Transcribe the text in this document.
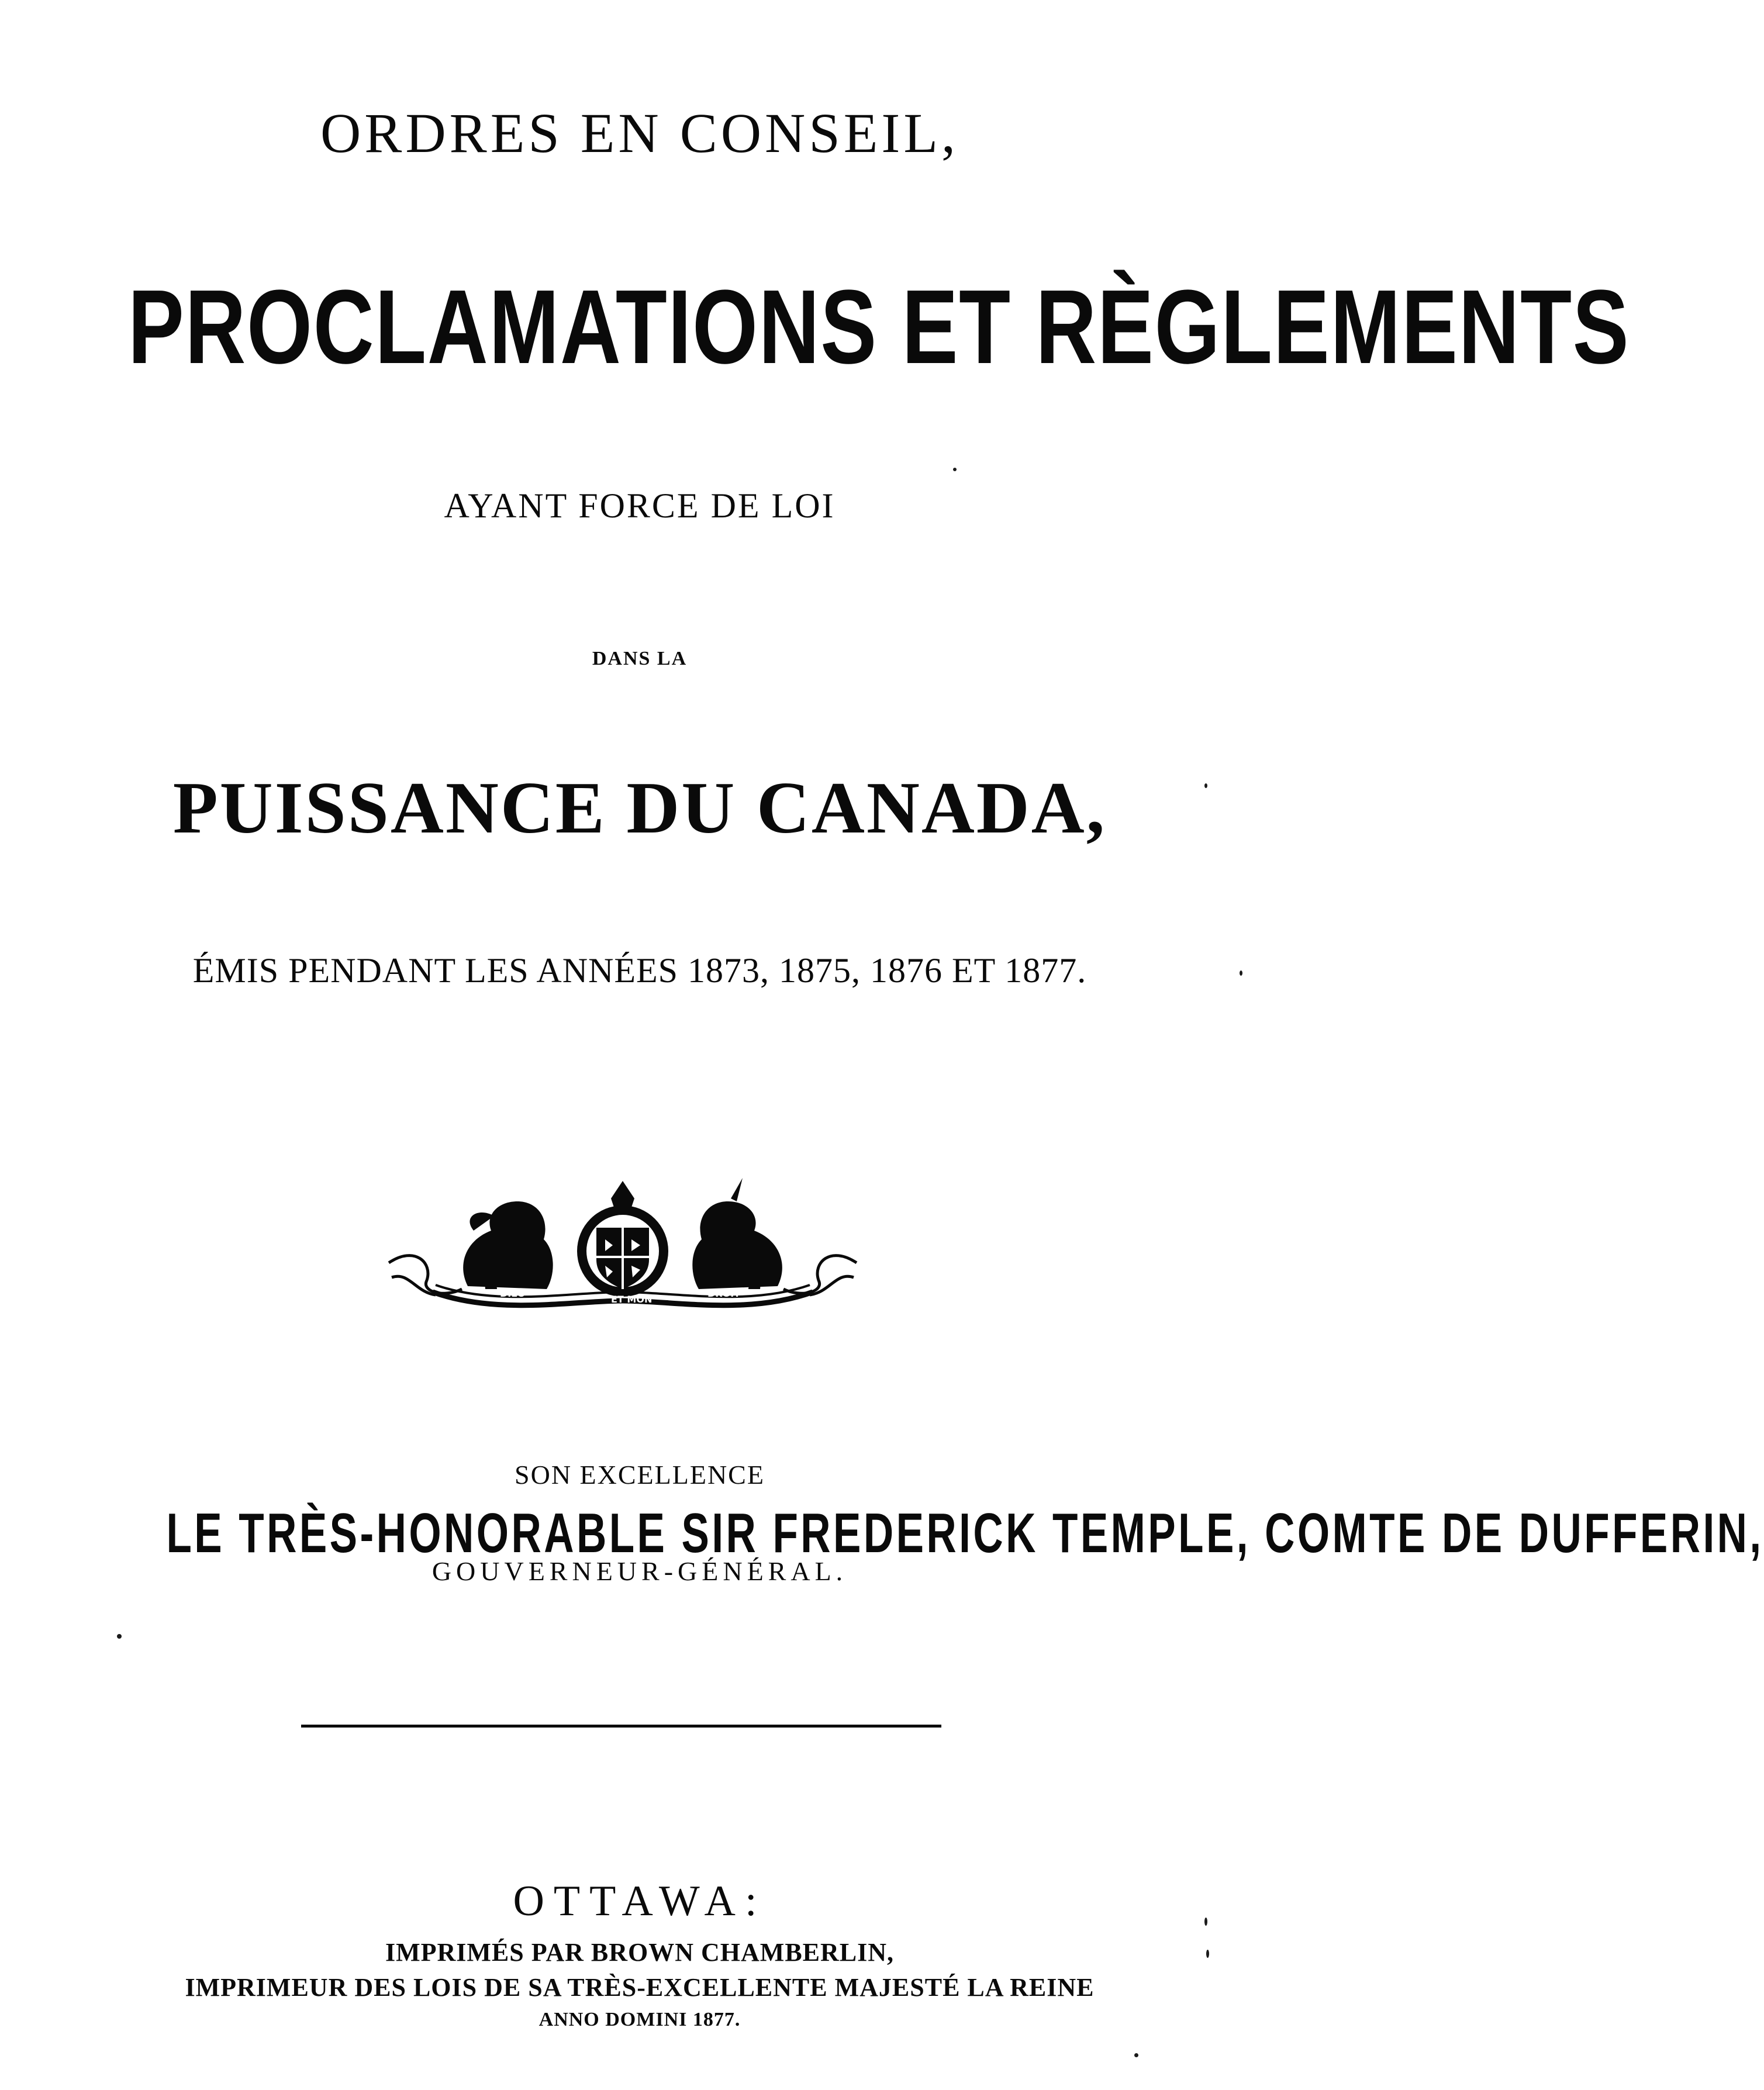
ORDRES EN CONSEIL,
PROCLAMATIONS ET RÈGLEMENTS
AYANT FORCE DE LOI
DANS LA
PUISSANCE DU CANADA,
ÉMIS PENDANT LES ANNÉES 1873, 1875, 1876 ET 1877.
DIEU
ET MON
DROIT
SON EXCELLENCE
LE TRÈS-HONORABLE SIR FREDERICK TEMPLE, COMTE DE DUFFERIN,
GOUVERNEUR-GÉNÉRAL.
OTTAWA:
IMPRIMÉS PAR BROWN CHAMBERLIN,
IMPRIMEUR DES LOIS DE SA TRÈS-EXCELLENTE MAJESTÉ LA REINE
ANNO DOMINI 1877.
